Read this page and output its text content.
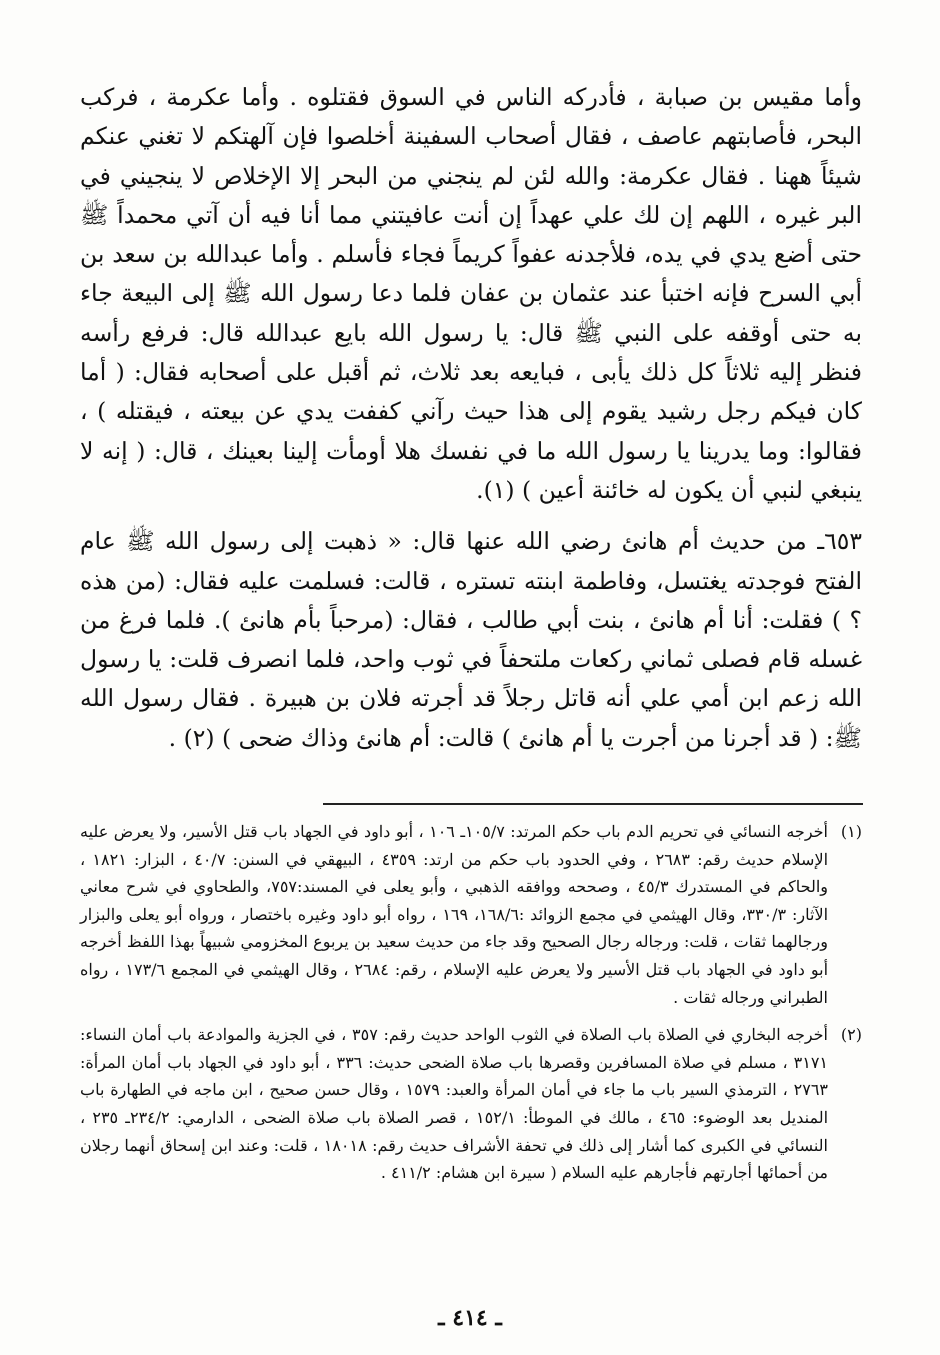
وأما مقيس بن صبابة ، فأدركه الناس في السوق فقتلوه . وأما عكرمة ، فركب البحر، فأصابتهم عاصف ، فقال أصحاب السفينة أخلصوا فإن آلهتكم لا تغني عنكم شيئاً ههنا . فقال عكرمة: والله لئن لم ينجني من البحر إلا الإخلاص لا ينجيني في البر غيره ، اللهم إن لك علي عهداً إن أنت عافيتني مما أنا فيه أن آتي محمداً ﷺ حتى أضع يدي في يده، فلأجدنه عفواً كريماً فجاء فأسلم . وأما عبدالله بن سعد بن أبي السرح فإنه اختبأ عند عثمان بن عفان فلما دعا رسول الله ﷺ إلى البيعة جاء به حتى أوقفه على النبي ﷺ قال: يا رسول الله بايع عبدالله قال: فرفع رأسه فنظر إليه ثلاثاً كل ذلك يأبى ، فبايعه بعد ثلاث، ثم أقبل على أصحابه فقال: ( أما كان فيكم رجل رشيد يقوم إلى هذا حيث رآني كففت يدي عن بيعته ، فيقتله ) ، فقالوا: وما يدرينا يا رسول الله ما في نفسك هلا أومأت إلينا بعينك ، قال: ( إنه لا ينبغي لنبي أن يكون له خائنة أعين ) (١).

٦٥٣ـ من حديث أم هانئ رضي الله عنها قال: « ذهبت إلى رسول الله ﷺ عام الفتح فوجدته يغتسل، وفاطمة ابنته تستره ، قالت: فسلمت عليه فقال: (من هذه ؟ ) فقلت: أنا أم هانئ ، بنت أبي طالب ، فقال: (مرحباً بأم هانئ ). فلما فرغ من غسله قام فصلى ثماني ركعات ملتحفاً في ثوب واحد، فلما انصرف قلت: يا رسول الله زعم ابن أمي علي أنه قاتل رجلاً قد أجرته فلان بن هبيرة . فقال رسول الله ﷺ: ( قد أجرنا من أجرت يا أم هانئ ) قالت: أم هانئ وذاك ضحى ) (٢) .

(١)
أخرجه النسائي في تحريم الدم باب حكم المرتد: ١٠٥/٧ـ ١٠٦ ، أبو داود في الجهاد باب قتل الأسير، ولا يعرض عليه الإسلام حديث رقم: ٢٦٨٣ ، وفي الحدود باب حكم من ارتد: ٤٣٥٩ ، البيهقي في السنن: ٤٠/٧ ، البزار: ١٨٢١ ، والحاكم في المستدرك ٤٥/٣ ، وصححه ووافقه الذهبي ، وأبو يعلى في المسند:٧٥٧، والطحاوي في شرح معاني الآثار: ٣٣٠/٣، وقال الهيثمي في مجمع الزوائد :١٦٨/٦، ١٦٩ ، رواه أبو داود وغيره باختصار ، ورواه أبو يعلى والبزار ورجالهما ثقات ، قلت: ورجاله رجال الصحيح وقد جاء من حديث سعيد بن يربوع المخزومي شبيهاً بهذا اللفظ أخرجه أبو داود في الجهاد باب قتل الأسير ولا يعرض عليه الإسلام ، رقم: ٢٦٨٤ ، وقال الهيثمي في المجمع ١٧٣/٦ ، رواه الطبراني ورجاله ثقات .
(٢)
أخرجه البخاري في الصلاة باب الصلاة في الثوب الواحد حديث رقم: ٣٥٧ ، في الجزية والموادعة باب أمان النساء: ٣١٧١ ، مسلم في صلاة المسافرين وقصرها باب صلاة الضحى حديث: ٣٣٦ ، أبو داود في الجهاد باب أمان المرأة: ٢٧٦٣ ، الترمذي السير باب ما جاء في أمان المرأة والعبد: ١٥٧٩ ، وقال حسن صحيح ، ابن ماجه في الطهارة باب المنديل بعد الوضوء: ٤٦٥ ، مالك في الموطأ: ١٥٢/١ ، قصر الصلاة باب صلاة الضحى ، الدارمي: ٢٣٤/٢ـ ٢٣٥ ، النسائي في الكبرى كما أشار إلى ذلك في تحفة الأشراف حديث رقم: ١٨٠١٨ ، قلت: وعند ابن إسحاق أنهما رجلان من أحمائها أجارتهم فأجارهم عليه السلام ( سيرة ابن هشام: ٤١١/٢ .
ـ ٤١٤ ـ
